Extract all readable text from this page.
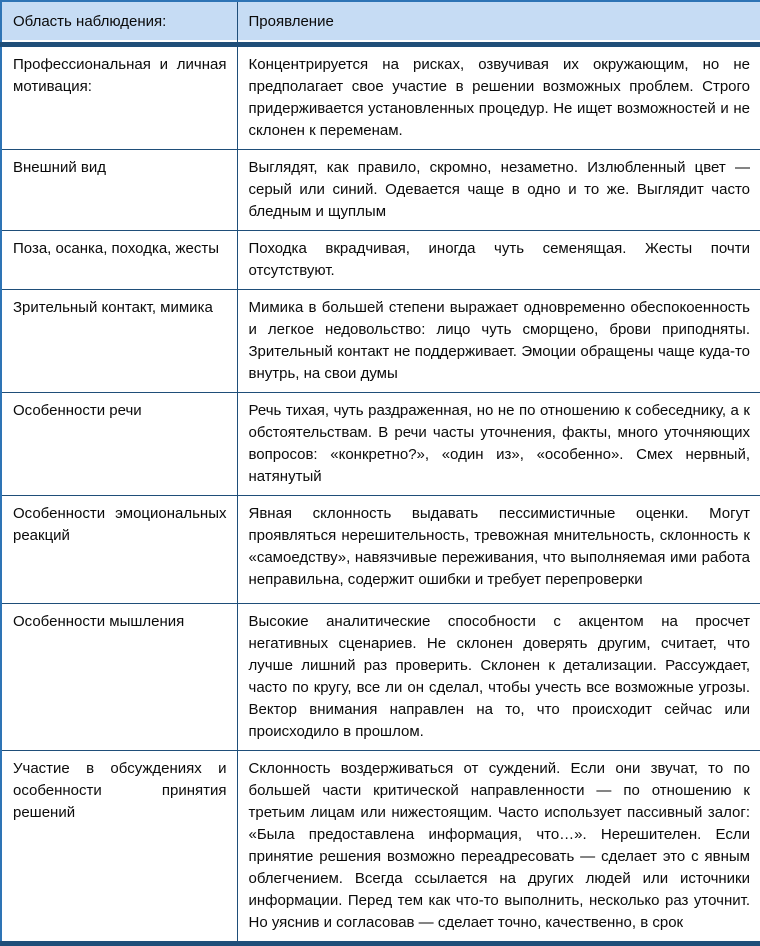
Область наблюдения:	Проявление
Профессиональная и личная мотивация:	Концентрируется на рисках, озвучивая их окружающим, но не предполагает свое участие в решении возможных проблем. Строго придерживается установленных процедур. Не ищет возможностей и не склонен к переменам.
Внешний вид	Выглядят, как правило, скромно, незаметно. Излюбленный цвет — серый или синий. Одевается чаще в одно и то же. Выглядит часто бледным и щуплым
Поза, осанка, походка, жесты	Походка вкрадчивая, иногда чуть семенящая. Жесты почти отсутствуют.
Зрительный контакт, мимика	Мимика в большей степени выражает одновременно обеспокоенность и легкое недовольство: лицо чуть сморщено, брови приподняты. Зрительный контакт не поддерживает. Эмоции обращены чаще куда-то внутрь, на свои думы
Особенности речи	Речь тихая, чуть раздраженная, но не по отношению к собеседнику, а к обстоятельствам. В речи часты уточнения, факты, много уточняющих вопросов: «конкретно?», «один из», «особенно». Смех нервный, натянутый
Особенности эмоциональных реакций	Явная склонность выдавать пессимистичные оценки. Могут проявляться нерешительность, тревожная мнительность, склонность к «самоедству», навязчивые переживания, что выполняемая ими работа неправильна, содержит ошибки и требует перепроверки
Особенности мышления	Высокие аналитические способности с акцентом на просчет негативных сценариев. Не склонен доверять другим, считает, что лучше лишний раз проверить. Склонен к детализации. Рассуждает, часто по кругу, все ли он сделал, чтобы учесть все возможные угрозы. Вектор внимания направлен на то, что происходит сейчас или происходило в прошлом.
Участие в обсуждениях и особенности принятия решений	Склонность воздерживаться от суждений. Если они звучат, то по большей части критической направленности — по отношению к третьим лицам или нижестоящим. Часто использует пассивный залог: «Была предоставлена информация, что…». Нерешителен. Если принятие решения возможно переадресовать — сделает это с явным облегчением. Всегда ссылается на других людей или источники информации. Перед тем как что-то выполнить, несколько раз уточнит. Но уяснив и согласовав — сделает точно, качественно, в срок
